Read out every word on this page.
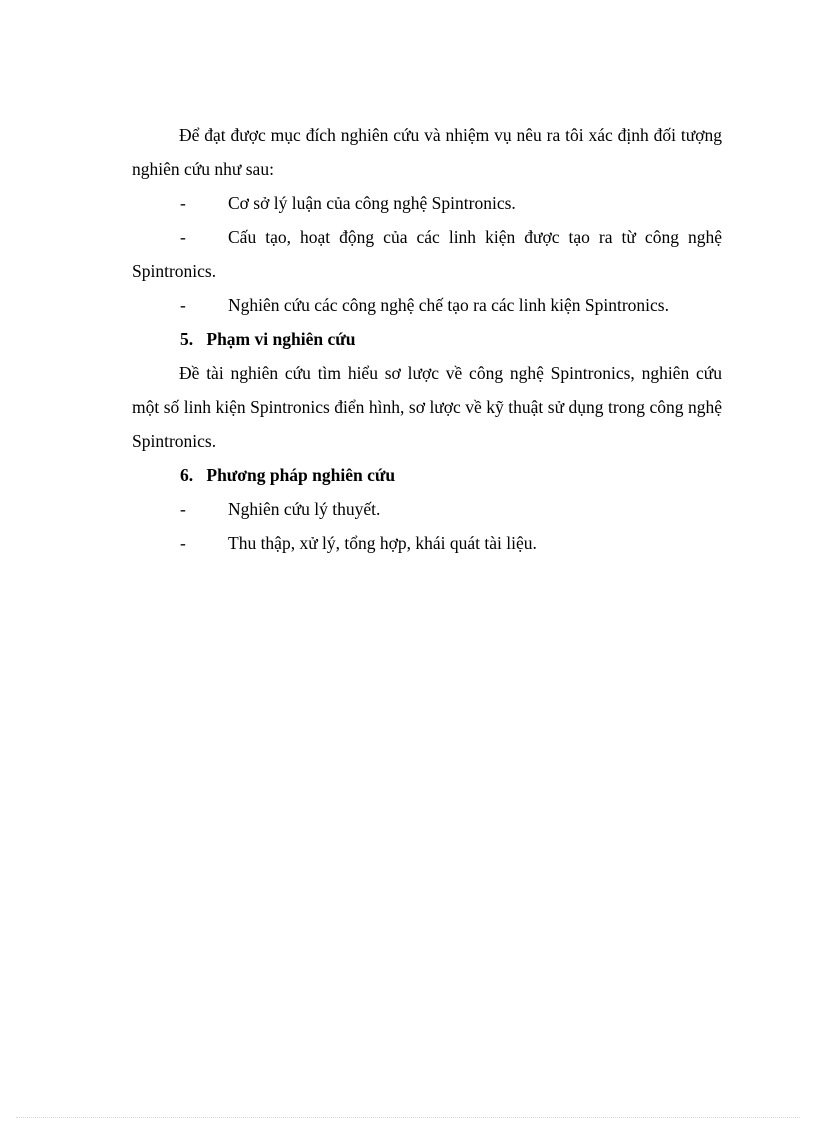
Để đạt được mục đích nghiên cứu và nhiệm vụ nêu ra tôi xác định đối tượng nghiên cứu như sau:

- Cơ sở lý luận của công nghệ Spintronics.

- Cấu tạo, hoạt động của các linh kiện được tạo ra từ công nghệ Spintronics.

- Nghiên cứu các công nghệ chế tạo ra các linh kiện Spintronics.

5. Phạm vi nghiên cứu

Đề tài nghiên cứu tìm hiểu sơ lược về công nghệ Spintronics, nghiên cứu một số linh kiện Spintronics điển hình, sơ lược về kỹ thuật sử dụng trong công nghệ Spintronics.

6. Phương pháp nghiên cứu

- Nghiên cứu lý thuyết.

- Thu thập, xử lý, tổng hợp, khái quát tài liệu.
